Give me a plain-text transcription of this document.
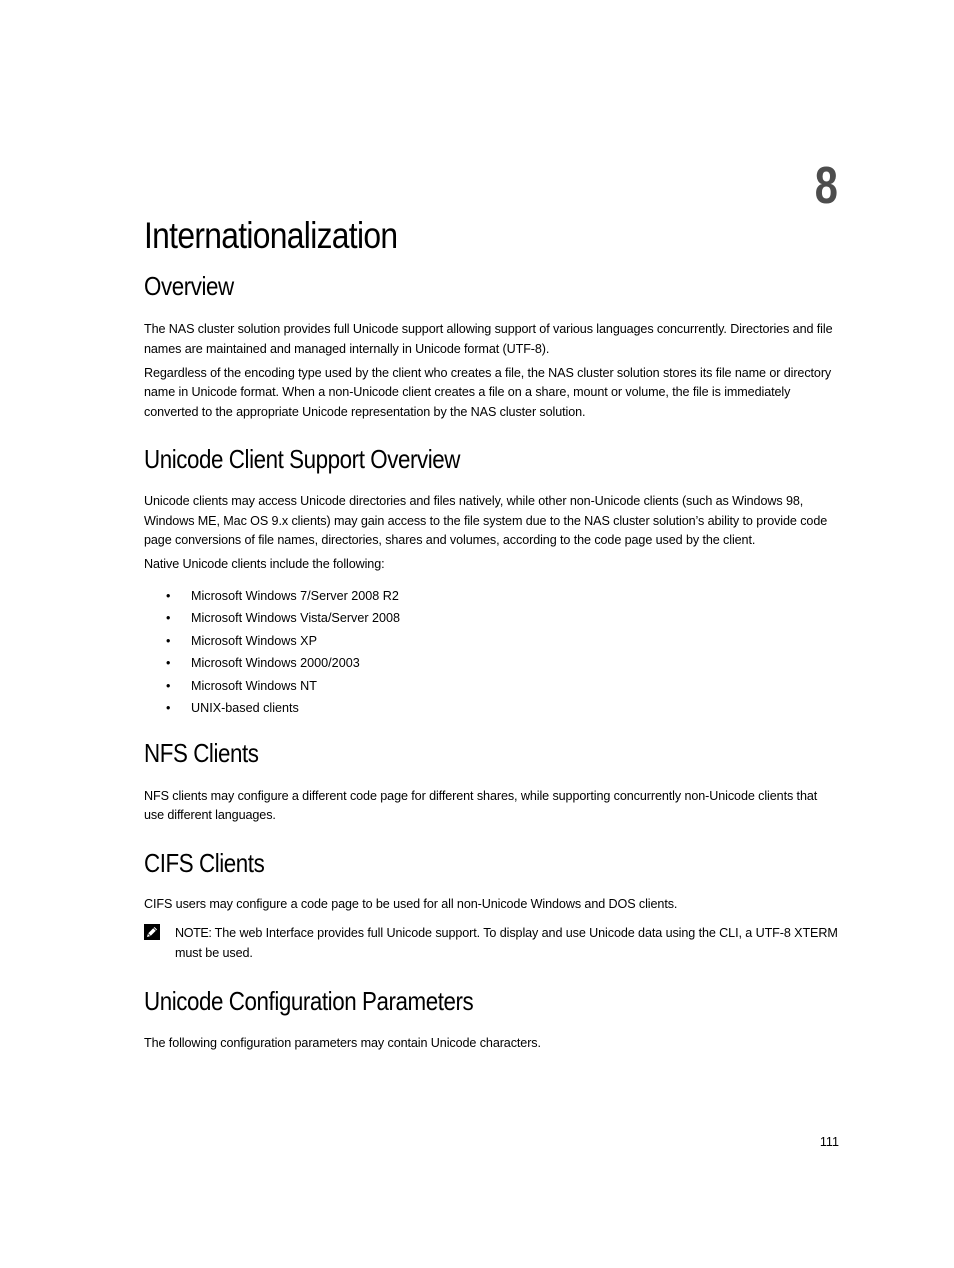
8
Internationalization
Overview

The NAS cluster solution provides full Unicode support allowing support of various languages concurrently. Directories and file names are maintained and managed internally in Unicode format (UTF-8).

Regardless of the encoding type used by the client who creates a file, the NAS cluster solution stores its file name or directory name in Unicode format. When a non-Unicode client creates a file on a share, mount or volume, the file is immediately converted to the appropriate Unicode representation by the NAS cluster solution.

Unicode Client Support Overview

Unicode clients may access Unicode directories and files natively, while other non-Unicode clients (such as Windows 98, Windows ME, Mac OS 9.x clients) may gain access to the file system due to the NAS cluster solution’s ability to provide code page conversions of file names, directories, shares and volumes, according to the code page used by the client.

Native Unicode clients include the following:

• Microsoft Windows 7/Server 2008 R2
• Microsoft Windows Vista/Server 2008
• Microsoft Windows XP
• Microsoft Windows 2000/2003
• Microsoft Windows NT
• UNIX-based clients
NFS Clients

NFS clients may configure a different code page for different shares, while supporting concurrently non-Unicode clients that use different languages.

CIFS Clients

CIFS users may configure a code page to be used for all non-Unicode Windows and DOS clients.

NOTE: The web Interface provides full Unicode support. To display and use Unicode data using the CLI, a UTF-8 XTERM must be used.

Unicode Configuration Parameters

The following configuration parameters may contain Unicode characters.

111
